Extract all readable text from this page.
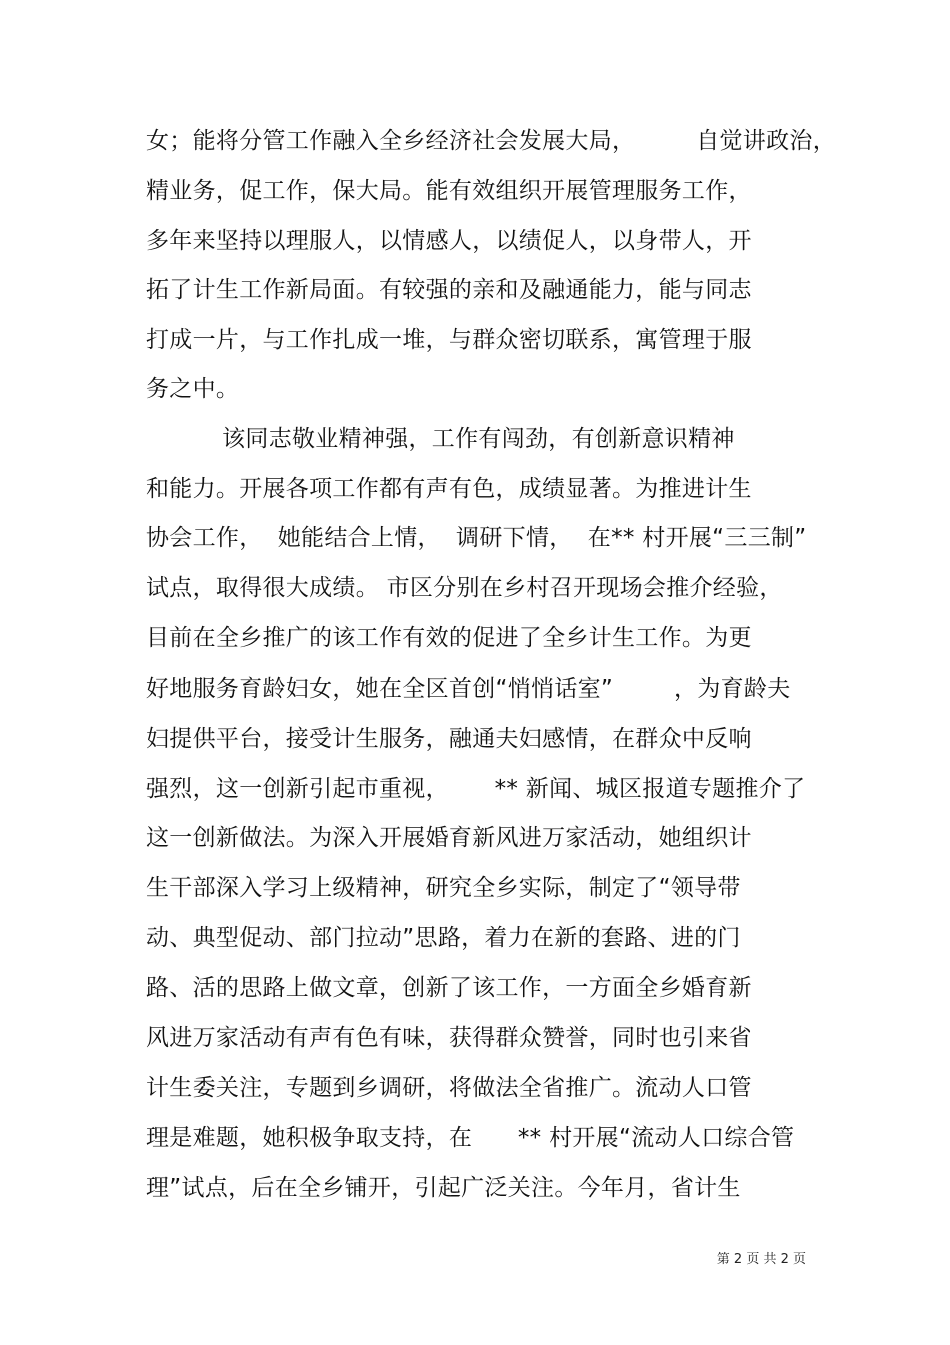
女；能将分管工作融入全乡经济社会发展大局，        自觉讲政治，
精业务，促工作，保大局。能有效组织开展管理服务工作，
多年来坚持以理服人，以情感人，以绩促人，以身带人，开
拓了计生工作新局面。有较强的亲和及融通能力，能与同志
打成一片，与工作扎成一堆，与群众密切联系，寓管理于服
务之中。
该同志敬业精神强，工作有闯劲，有创新意识精神
和能力。开展各项工作都有声有色，成绩显著。为推进计生
协会工作，  她能结合上情，  调研下情，  在** 村开展“三三制”
试点，取得很大成绩。 市区分别在乡村召开现场会推介经验，
目前在全乡推广的该工作有效的促进了全乡计生工作。为更
好地服务育龄妇女，她在全区首创“悄悄话室”        ，为育龄夫
妇提供平台，接受计生服务，融通夫妇感情，在群众中反响
强烈，这一创新引起市重视，      ** 新闻、城区报道专题推介了
这一创新做法。为深入开展婚育新风进万家活动，她组织计
生干部深入学习上级精神，研究全乡实际，制定了“领导带
动、典型促动、部门拉动”思路，着力在新的套路、进的门
路、活的思路上做文章，创新了该工作，一方面全乡婚育新
风进万家活动有声有色有味，获得群众赞誉，同时也引来省
计生委关注，专题到乡调研，将做法全省推广。流动人口管
理是难题，她积极争取支持，在      ** 村开展“流动人口综合管
理”试点，后在全乡铺开，引起广泛关注。今年月，省计生
第 2 页 共 2 页
